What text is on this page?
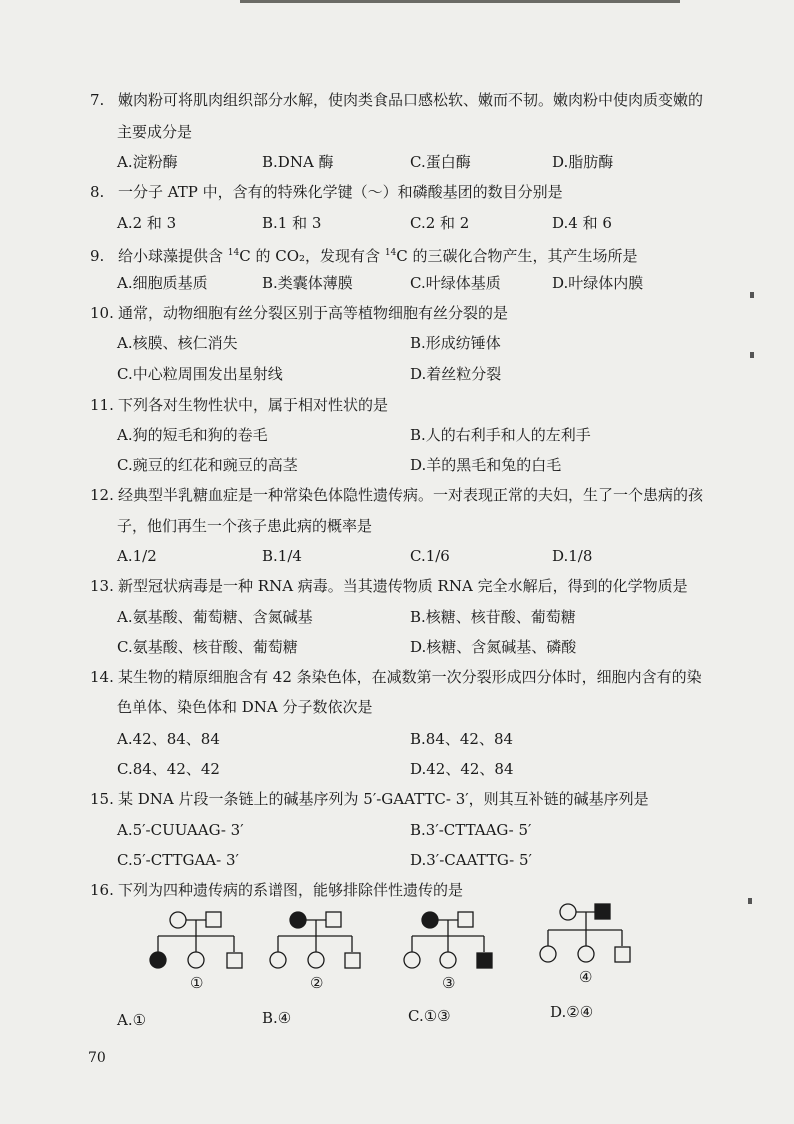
7. 嫩肉粉可将肌肉组织部分水解，使肉类食品口感松软、嫩而不韧。嫩肉粉中使肉质变嫩的
主要成分是
A.淀粉酶	B.DNA 酶	C.蛋白酶	D.脂肪酶
8. 一分子 ATP 中，含有的特殊化学键（～）和磷酸基团的数目分别是
A.2 和 3	B.1 和 3	C.2 和 2	D.4 和 6
9. 给小球藻提供含 $^{14}$C 的 CO₂，发现有含 $^{14}$C 的三碳化合物产生，其产生场所是
A.细胞质基质	B.类囊体薄膜	C.叶绿体基质	D.叶绿体内膜
10. 通常，动物细胞有丝分裂区别于高等植物细胞有丝分裂的是
A.核膜、核仁消失	B.形成纺锤体
C.中心粒周围发出星射线	D.着丝粒分裂
11. 下列各对生物性状中，属于相对性状的是
A.狗的短毛和狗的卷毛	B.人的右利手和人的左利手
C.豌豆的红花和豌豆的高茎	D.羊的黑毛和兔的白毛
12. 经典型半乳糖血症是一种常染色体隐性遗传病。一对表现正常的夫妇，生了一个患病的孩
子，他们再生一个孩子患此病的概率是
A.1/2	B.1/4	C.1/6	D.1/8
13. 新型冠状病毒是一种 RNA 病毒。当其遗传物质 RNA 完全水解后，得到的化学物质是
A.氨基酸、葡萄糖、含氮碱基	B.核糖、核苷酸、葡萄糖
C.氨基酸、核苷酸、葡萄糖	D.核糖、含氮碱基、磷酸
14. 某生物的精原细胞含有 42 条染色体，在减数第一次分裂形成四分体时，细胞内含有的染
色单体、染色体和 DNA 分子数依次是
A.42、84、84	B.84、42、84
C.84、42、42	D.42、42、84
15. 某 DNA 片段一条链上的碱基序列为 5′-GAATTC- 3′，则其互补链的碱基序列是
A.5′-CUUAAG- 3′	B.3′-CTTAAG- 5′
C.5′-CTTGAA- 3′	D.3′-CAATTG- 5′
16. 下列为四种遗传病的系谱图，能够排除伴性遗传的是
①	②	③	④
A.①	B.④	C.①③	D.②④
70
